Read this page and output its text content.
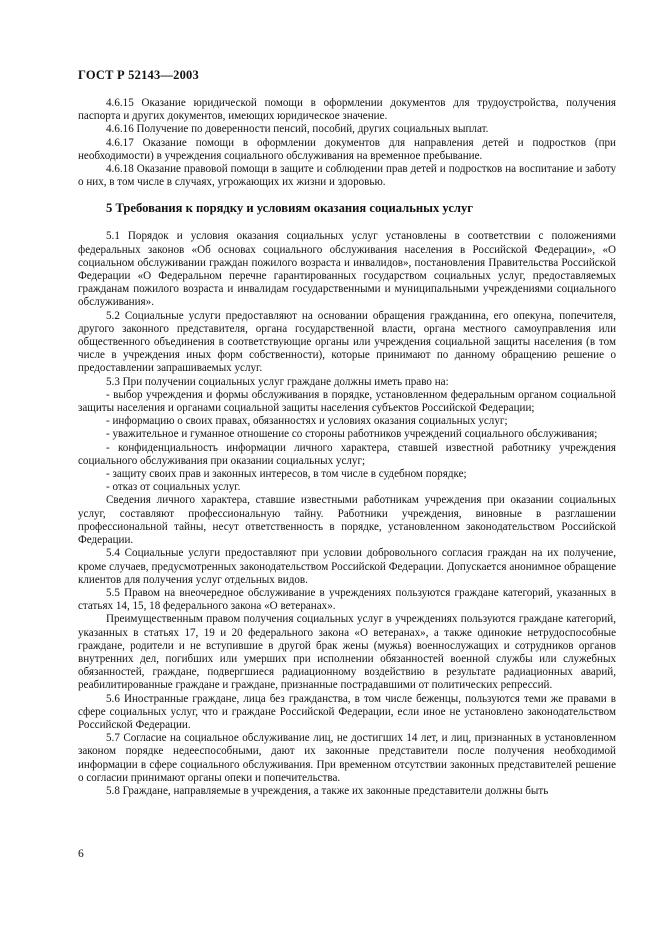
ГОСТ Р 52143—2003

4.6.15 Оказание юридической помощи в оформлении документов для трудоустройства, получения паспорта и других документов, имеющих юридическое значение.

4.6.16 Получение по доверенности пенсий, пособий, других социальных выплат.

4.6.17 Оказание помощи в оформлении документов для направления детей и подростков (при необходимости) в учреждения социального обслуживания на временное пребывание.

4.6.18 Оказание правовой помощи в защите и соблюдении прав детей и подростков на воспитание и заботу о них, в том числе в случаях, угрожающих их жизни и здоровью.

5 Требования к порядку и условиям оказания социальных услуг

5.1 Порядок и условия оказания социальных услуг установлены в соответствии с положениями федеральных законов «Об основах социального обслуживания населения в Российской Федерации», «О социальном обслуживании граждан пожилого возраста и инвалидов», постановления Правительства Российской Федерации «О Федеральном перечне гарантированных государством социальных услуг, предоставляемых гражданам пожилого возраста и инвалидам государственными и муниципальными учреждениями социального обслуживания».

5.2 Социальные услуги предоставляют на основании обращения гражданина, его опекуна, попечителя, другого законного представителя, органа государственной власти, органа местного самоуправления или общественного объединения в соответствующие органы или учреждения социальной защиты населения (в том числе в учреждения иных форм собственности), которые принимают по данному обращению решение о предоставлении запрашиваемых услуг.

5.3 При получении социальных услуг граждане должны иметь право на:

- выбор учреждения и формы обслуживания в порядке, установленном федеральным органом социальной защиты населения и органами социальной защиты населения субъектов Российской Федерации;

- информацию о своих правах, обязанностях и условиях оказания социальных услуг;

- уважительное и гуманное отношение со стороны работников учреждений социального обслуживания;

- конфиденциальность информации личного характера, ставшей известной работнику учреждения социального обслуживания при оказании социальных услуг;

- защиту своих прав и законных интересов, в том числе в судебном порядке;

- отказ от социальных услуг.

Сведения личного характера, ставшие известными работникам учреждения при оказании социальных услуг, составляют профессиональную тайну. Работники учреждения, виновные в разглашении профессиональной тайны, несут ответственность в порядке, установленном законодательством Российской Федерации.

5.4 Социальные услуги предоставляют при условии добровольного согласия граждан на их получение, кроме случаев, предусмотренных законодательством Российской Федерации. Допускается анонимное обращение клиентов для получения услуг отдельных видов.

5.5 Правом на внеочередное обслуживание в учреждениях пользуются граждане категорий, указанных в статьях 14, 15, 18 федерального закона «О ветеранах».

Преимущественным правом получения социальных услуг в учреждениях пользуются граждане категорий, указанных в статьях 17, 19 и 20 федерального закона «О ветеранах», а также одинокие нетрудоспособные граждане, родители и не вступившие в другой брак жены (мужья) военнослужащих и сотрудников органов внутренних дел, погибших или умерших при исполнении обязанностей военной службы или служебных обязанностей, граждане, подвергшиеся радиационному воздействию в результате радиационных аварий, реабилитированные граждане и граждане, признанные пострадавшими от политических репрессий.

5.6 Иностранные граждане, лица без гражданства, в том числе беженцы, пользуются теми же правами в сфере социальных услуг, что и граждане Российской Федерации, если иное не установлено законодательством Российской Федерации.

5.7 Согласие на социальное обслуживание лиц, не достигших 14 лет, и лиц, признанных в установленном законом порядке недееспособными, дают их законные представители после получения необходимой информации в сфере социального обслуживания. При временном отсутствии законных представителей решение о согласии принимают органы опеки и попечительства.

5.8 Граждане, направляемые в учреждения, а также их законные представители должны быть

6
